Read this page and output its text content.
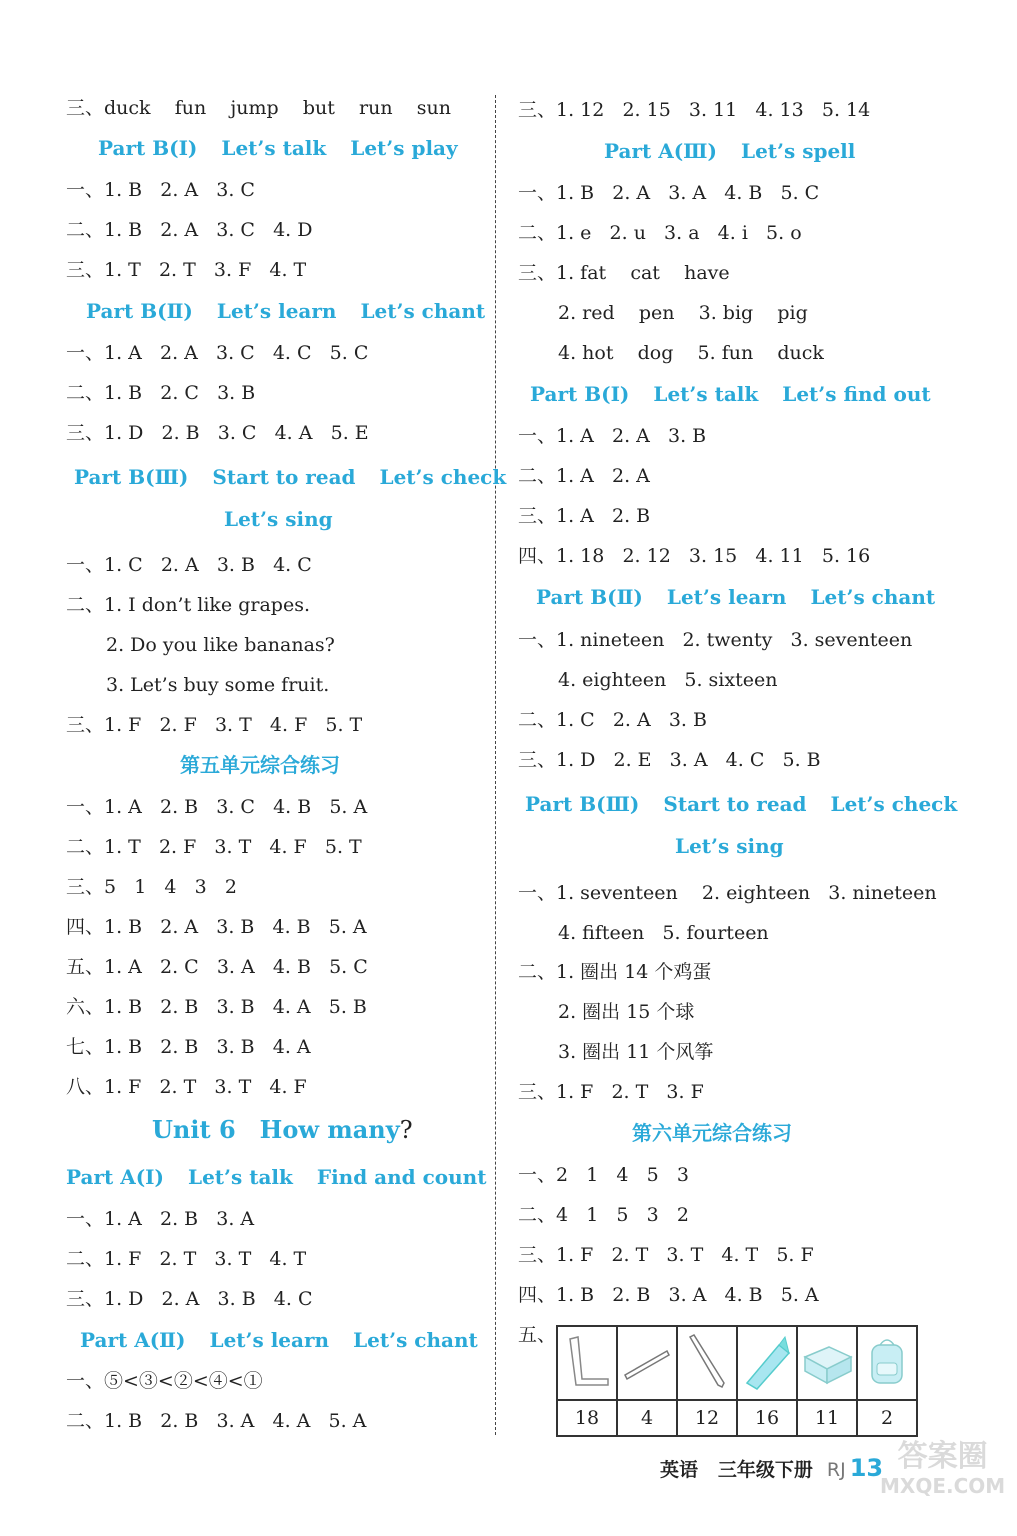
三、duck    fun    jump    but    run    sun
Part B(Ⅰ) Let’s talk Let’s play
一、1. B   2. A   3. C
二、1. B   2. A   3. C   4. D
三、1. T   2. T   3. F   4. T
Part B(Ⅱ) Let’s learn Let’s chant
一、1. A   2. A   3. C   4. C   5. C
二、1. B   2. C   3. B
三、1. D   2. B   3. C   4. A   5. E
Part B(Ⅲ) Start to read Let’s check
Let’s sing
一、1. C   2. A   3. B   4. C
二、1. I don’t like grapes.
2. Do you like bananas?
3. Let’s buy some fruit.
三、1. F   2. F   3. T   4. F   5. T
第五单元综合练习
一、1. A   2. B   3. C   4. B   5. A
二、1. T   2. F   3. T   4. F   5. T
三、5   1   4   3   2
四、1. B   2. A   3. B   4. B   5. A
五、1. A   2. C   3. A   4. B   5. C
六、1. B   2. B   3. B   4. A   5. B
七、1. B   2. B   3. B   4. A
八、1. F   2. T   3. T   4. F
Unit 6 How many?
Part A(Ⅰ) Let’s talk Find and count
一、1. A   2. B   3. A
二、1. F   2. T   3. T   4. T
三、1. D   2. A   3. B   4. C
Part A(Ⅱ) Let’s learn Let’s chant
一、⑤<③<②<④<①
二、1. B   2. B   3. A   4. A   5. A
三、1. 12   2. 15   3. 11   4. 13   5. 14
Part A(Ⅲ) Let’s spell
一、1. B   2. A   3. A   4. B   5. C
二、1. e   2. u   3. a   4. i   5. o
三、1. fat    cat    have
2. red    pen    3. big    pig
4. hot    dog    5. fun    duck
Part B(Ⅰ) Let’s talk Let’s find out
一、1. A   2. A   3. B
二、1. A   2. A
三、1. A   2. B
四、1. 18   2. 12   3. 15   4. 11   5. 16
Part B(Ⅱ) Let’s learn Let’s chant
一、1. nineteen   2. twenty   3. seventeen
4. eighteen   5. sixteen
二、1. C   2. A   3. B
三、1. D   2. E   3. A   4. C   5. B
Part B(Ⅲ) Start to read Let’s check
Let’s sing
一、1. seventeen    2. eighteen   3. nineteen
4. fifteen   5. fourteen
二、1. 圈出 14 个鸡蛋
2. 圈出 15 个球
3. 圈出 11 个风筝
三、1. F   2. T   3. F
第六单元综合练习
一、2   1   4   5   3
二、4   1   5   3   2
三、1. F   2. T   3. T   4. T   5. F
四、1. B   2. B   3. A   4. B   5. A
五、

18	4	12	16	11	2
英语 三年级下册 RJ 13 答案圈
MXQE.COM
